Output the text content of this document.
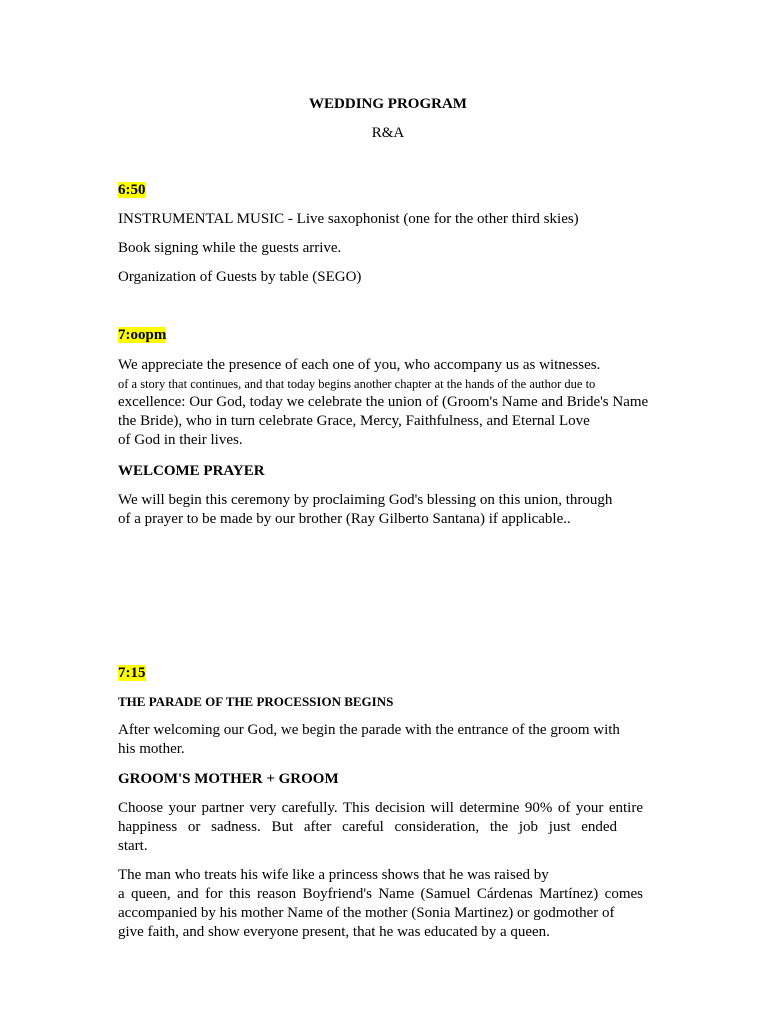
WEDDING PROGRAM
R&A
6:50
INSTRUMENTAL MUSIC - Live saxophonist (one for the other third skies)
Book signing while the guests arrive.
Organization of Guests by table (SEGO)
7:oopm
We appreciate the presence of each one of you, who accompany us as witnesses.
of a story that continues, and that today begins another chapter at the hands of the author due to
excellence: Our God, today we celebrate the union of (Groom's Name and Bride's Name
the Bride), who in turn celebrate Grace, Mercy, Faithfulness, and Eternal Love
of God in their lives.
WELCOME PRAYER
We will begin this ceremony by proclaiming God's blessing on this union, through
of a prayer to be made by our brother (Ray Gilberto Santana) if applicable..
7:15
THE PARADE OF THE PROCESSION BEGINS
After welcoming our God, we begin the parade with the entrance of the groom with
his mother.
GROOM'S MOTHER + GROOM
Choose your partner very carefully. This decision will determine 90% of your entire
happiness or sadness. But after careful consideration, the job just ended
start.
The man who treats his wife like a princess shows that he was raised by
a queen, and for this reason Boyfriend's Name (Samuel Cárdenas Martínez) comes
accompanied by his mother Name of the mother (Sonia Martinez) or godmother of
give faith, and show everyone present, that he was educated by a queen.
